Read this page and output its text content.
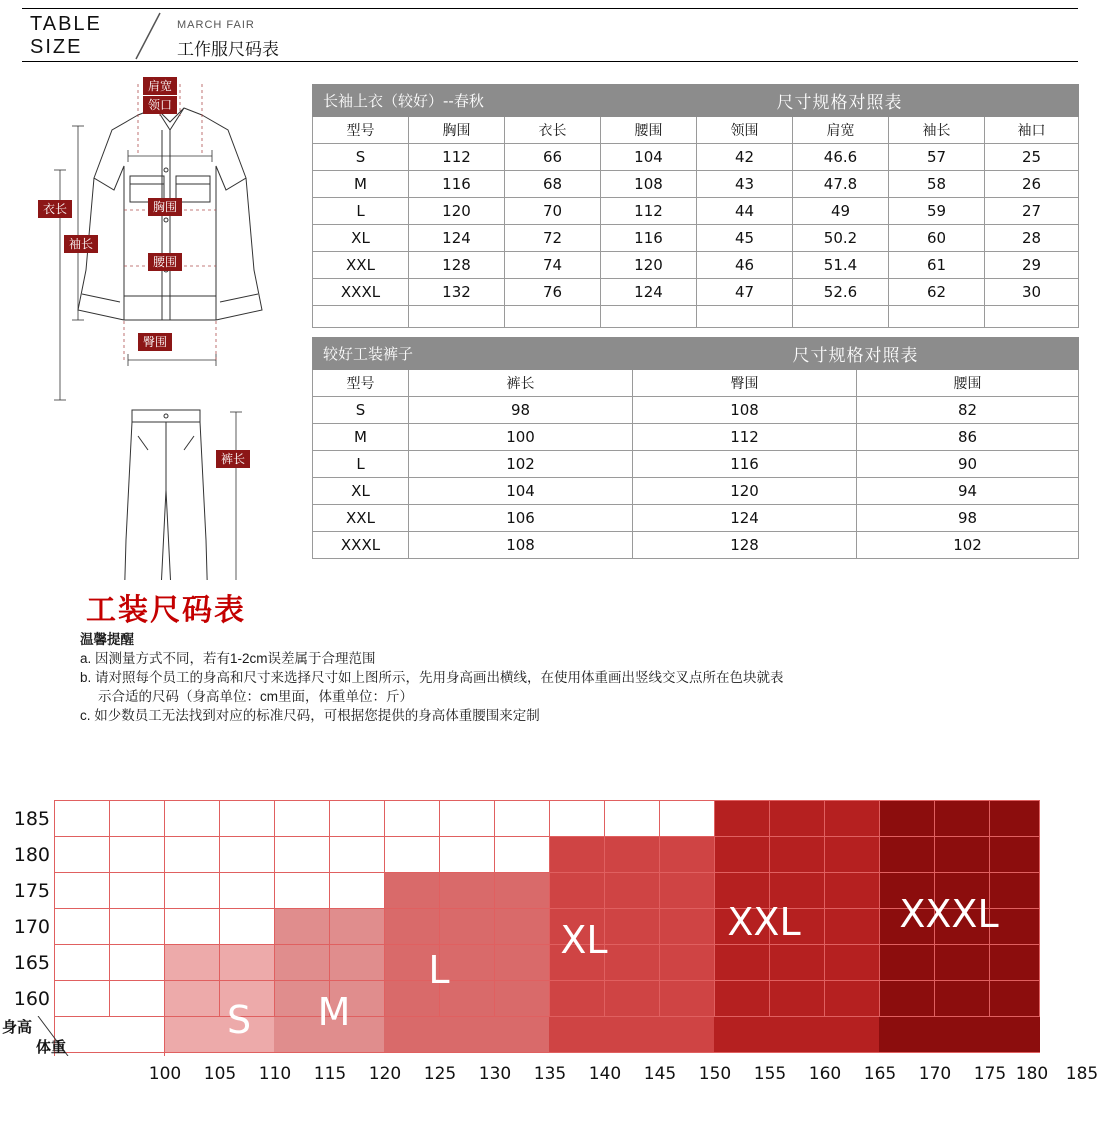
TABLE
SIZE
MARCH FAIR
工作服尺码表
肩宽
领口
胸围
衣长
袖长
腰围
臀围
裤长
长袖上衣（较好）--春秋			尺寸规格对照表				
型号	胸围	衣长	腰围	领围	肩宽	袖长	袖口
S	112	66	104	42	46.6	57	25
M	116	68	108	43	47.8	58	26
L	120	70	112	44	49	59	27
XL	124	72	116	45	50.2	60	28
XXL	128	74	120	46	51.4	61	29
XXXL	132	76	124	47	52.6	62	30

较好工装裤子		尺寸规格对照表	
型号	裤长	臀围	腰围
S	98	108	82
M	100	112	86
L	102	116	90
XL	104	120	94
XXL	106	124	98
XXXL	108	128	102
工装尺码表

温馨提醒

a. 因测量方式不同，若有1-2cm误差属于合理范围

b. 请对照每个员工的身高和尺寸来选择尺寸如上图所示，先用身高画出横线，在使用体重画出竖线交叉点所在色块就表

示合适的尺码（身高单位：cm里面，体重单位：斤）

c. 如少数员工无法找到对应的标准尺码，可根据您提供的身高体重腰围来定制

S	M
L
XL	XXL	XXXL
185
180
175
170
165
160
100	105	110	115	120	125	130	135	140	145	150	155	160	165	170	175 180	185
身高
体重
